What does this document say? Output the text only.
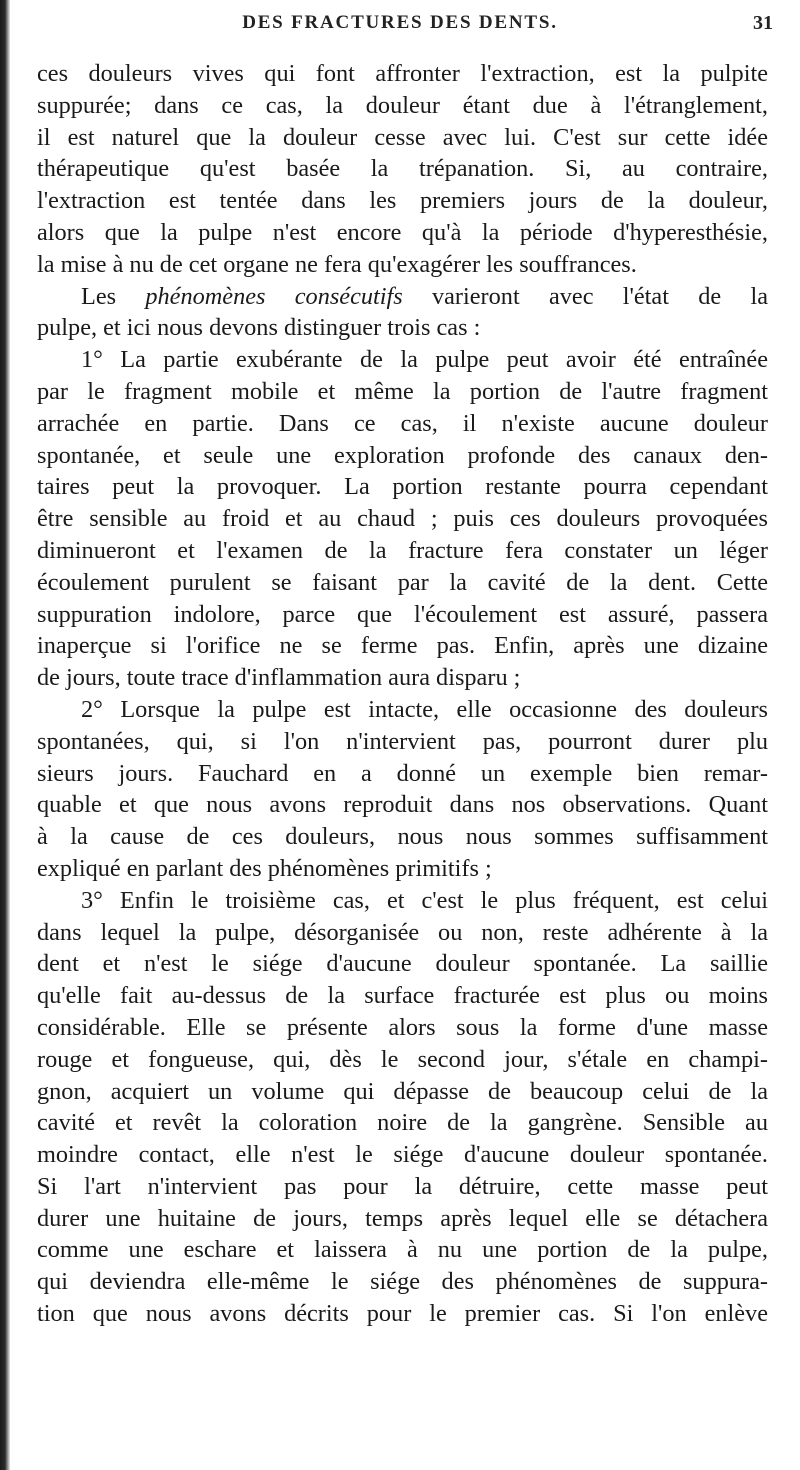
DES FRACTURES DES DENTS.	31
ces douleurs vives qui font affronter l'extraction, est la pulpite
suppurée; dans ce cas, la douleur étant due à l'étranglement,
il est naturel que la douleur cesse avec lui. C'est sur cette idée
thérapeutique qu'est basée la trépanation. Si, au contraire,
l'extraction est tentée dans les premiers jours de la douleur,
alors que la pulpe n'est encore qu'à la période d'hyperesthésie,
la mise à nu de cet organe ne fera qu'exagérer les souffrances.
Les phénomènes consécutifs varieront avec l'état de la
pulpe, et ici nous devons distinguer trois cas :
1° La partie exubérante de la pulpe peut avoir été entraînée
par le fragment mobile et même la portion de l'autre fragment
arrachée en partie. Dans ce cas, il n'existe aucune douleur
spontanée, et seule une exploration profonde des canaux den-
taires peut la provoquer. La portion restante pourra cependant
être sensible au froid et au chaud ; puis ces douleurs provoquées
diminueront et l'examen de la fracture fera constater un léger
écoulement purulent se faisant par la cavité de la dent. Cette
suppuration indolore, parce que l'écoulement est assuré, passera
inaperçue si l'orifice ne se ferme pas. Enfin, après une dizaine
de jours, toute trace d'inflammation aura disparu ;
2° Lorsque la pulpe est intacte, elle occasionne des douleurs
spontanées, qui, si l'on n'intervient pas, pourront durer plu
sieurs jours. Fauchard en a donné un exemple bien remar-
quable et que nous avons reproduit dans nos observations. Quant
à la cause de ces douleurs, nous nous sommes suffisamment
expliqué en parlant des phénomènes primitifs ;
3° Enfin le troisième cas, et c'est le plus fréquent, est celui
dans lequel la pulpe, désorganisée ou non, reste adhérente à la
dent et n'est le siége d'aucune douleur spontanée. La saillie
qu'elle fait au-dessus de la surface fracturée est plus ou moins
considérable. Elle se présente alors sous la forme d'une masse
rouge et fongueuse, qui, dès le second jour, s'étale en champi-
gnon, acquiert un volume qui dépasse de beaucoup celui de la
cavité et revêt la coloration noire de la gangrène. Sensible au
moindre contact, elle n'est le siége d'aucune douleur spontanée.
Si l'art n'intervient pas pour la détruire, cette masse peut
durer une huitaine de jours, temps après lequel elle se détachera
comme une eschare et laissera à nu une portion de la pulpe,
qui deviendra elle-même le siége des phénomènes de suppura-
tion que nous avons décrits pour le premier cas. Si l'on enlève
